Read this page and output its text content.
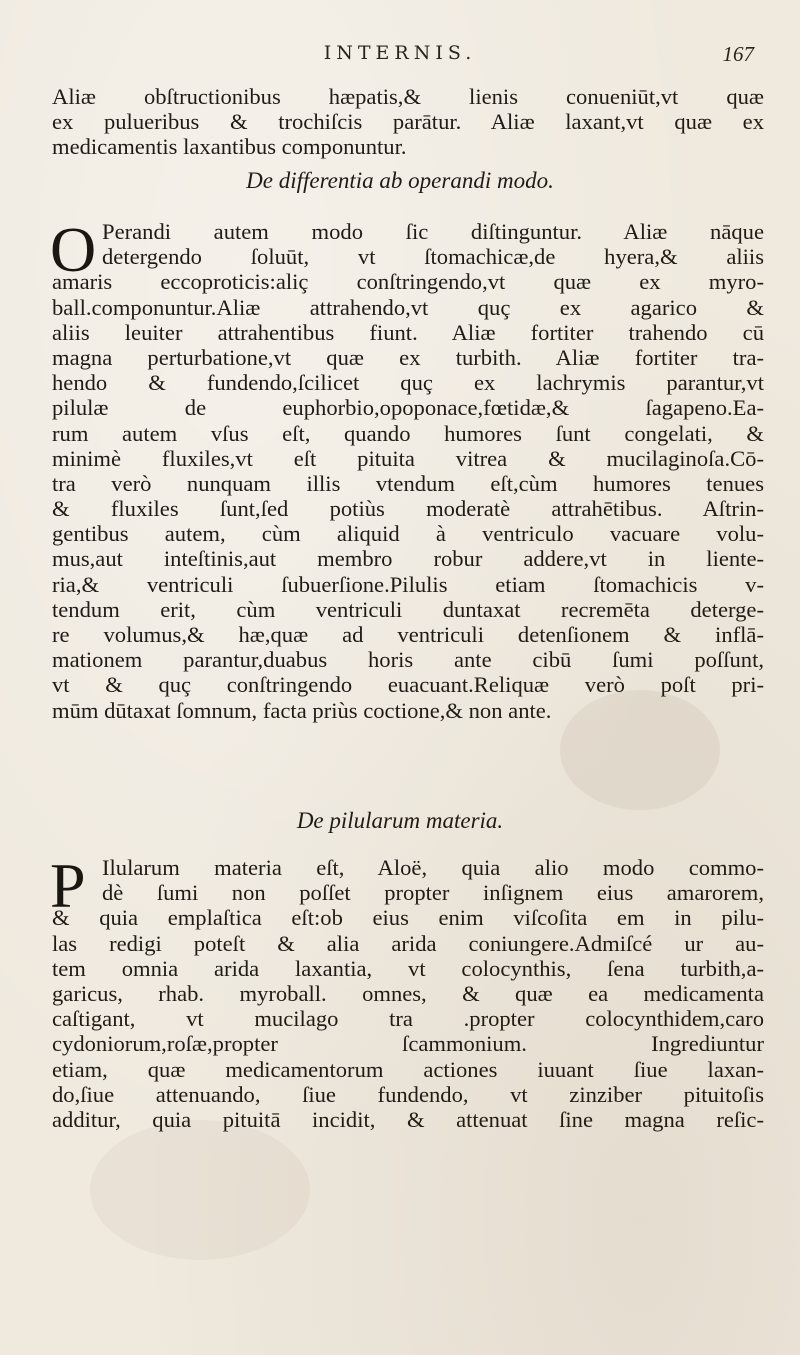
INTERNIS.	167
Aliæ obſtructionibus hæpatis,& lienis conueniūt,vt quæ
ex pulueribus & trochiſcis parātur. Aliæ laxant,vt quæ ex
medicamentis laxantibus componuntur.
De differentia ab operandi modo.
O Perandi autem modo ſic diſtinguntur. Aliæ nāque
detergendo ſoluūt, vt ſtomachicæ,de hyera,& aliis
amaris eccoproticis:aliç conſtringendo,vt quæ ex myro-
ball.componuntur.Aliæ attrahendo,vt quç ex agarico &
aliis leuiter attrahentibus fiunt. Aliæ fortiter trahendo cū
magna perturbatione,vt quæ ex turbith. Aliæ fortiter tra-
hendo & fundendo,ſcilicet quç ex lachrymis parantur,vt
pilulæ de euphorbio,opoponace,fœtidæ,& ſagapeno.Ea-
rum autem vſus eſt, quando humores ſunt congelati, &
minimè fluxiles,vt eſt pituita vitrea & mucilaginoſa.Cō-
tra verò nunquam illis vtendum eſt,cùm humores tenues
& fluxiles ſunt,ſed potiùs moderatè attrahētibus. Aſtrin-
gentibus autem, cùm aliquid à ventriculo vacuare volu-
mus,aut inteſtinis,aut membro robur addere,vt in liente-
ria,& ventriculi ſubuerſione.Pilulis etiam ſtomachicis v-
tendum erit, cùm ventriculi duntaxat recremēta deterge-
re volumus,& hæ,quæ ad ventriculi detenſionem & inflā-
mationem parantur,duabus horis ante cibū ſumi poſſunt,
vt & quç conſtringendo euacuant.Reliquæ verò poſt pri-
mūm dūtaxat ſomnum, facta priùs coctione,& non ante.
De pilularum materia.
P Ilularum materia eſt, Aloë, quia alio modo commo-
dè ſumi non poſſet propter inſignem eius amarorem,
& quia emplaſtica eſt:ob eius enim viſcoſita em in pilu-
las redigi poteſt & alia arida coniungere.Admiſcé ur au-
tem omnia arida laxantia, vt colocynthis, ſena turbith,a-
garicus, rhab. myroball. omnes, & quæ ea medicamenta
caſtigant, vt mucilago tra .propter colocynthidem,caro
cydoniorum,roſæ,propter ſcammonium. Ingrediuntur
etiam, quæ medicamentorum actiones iuuant ſiue laxan-
do,ſiue attenuando, ſiue fundendo, vt zinziber pituitoſis
additur, quia pituitā incidit, & attenuat ſine magna reſic-
